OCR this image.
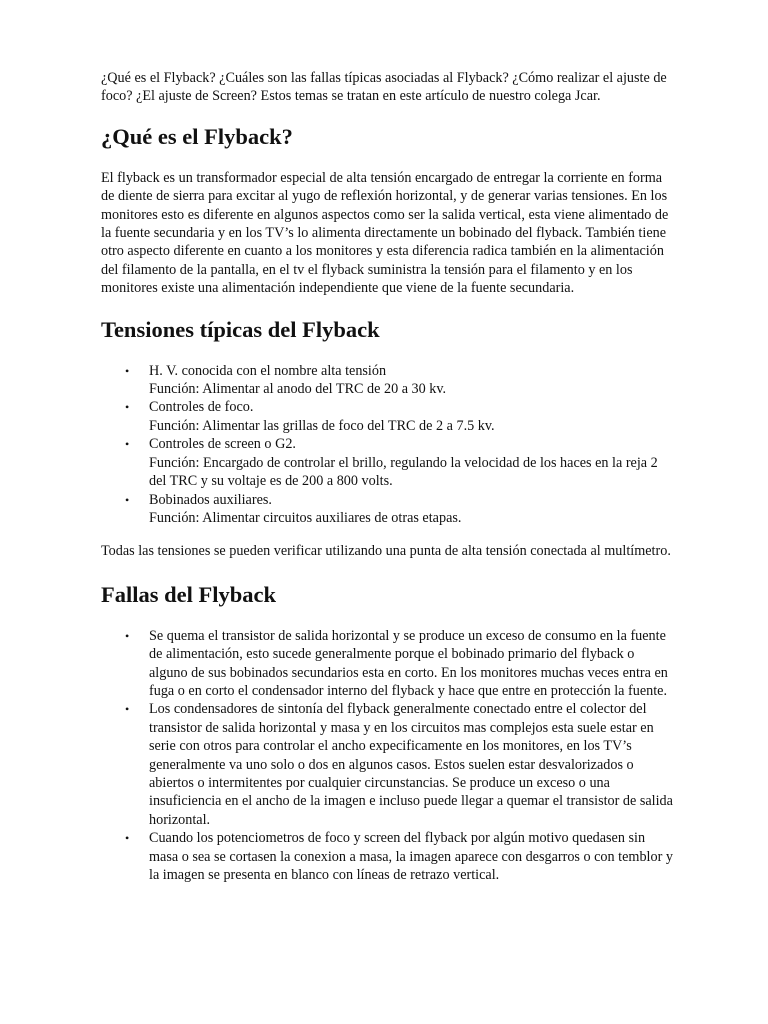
¿Qué es el Flyback? ¿Cuáles son las fallas típicas asociadas al Flyback? ¿Cómo realizar el ajuste de foco? ¿El ajuste de Screen? Estos temas se tratan en este artículo de nuestro colega Jcar.

¿Qué es el Flyback?

El flyback es un transformador especial de alta tensión encargado de entregar la corriente en forma de diente de sierra para excitar al yugo de reflexión horizontal, y de generar varias tensiones. En los monitores esto es diferente en algunos aspectos como ser la salida vertical, esta viene alimentado de la fuente secundaria y en los TV’s lo alimenta directamente un bobinado del flyback. También tiene otro aspecto diferente en cuanto a los monitores y esta diferencia radica también en la alimentación del filamento de la pantalla, en el tv el flyback suministra la tensión para el filamento y en los monitores existe una alimentación independiente que viene de la fuente secundaria.

Tensiones típicas del Flyback
• H. V. conocida con el nombre alta tensión
Función: Alimentar al anodo del TRC de 20 a 30 kv.
• Controles de foco.
Función: Alimentar las grillas de foco del TRC de 2 a 7.5 kv.
• Controles de screen o G2.
Función: Encargado de controlar el brillo, regulando la velocidad de los haces en la reja 2 del TRC y su voltaje es de 200 a 800 volts.
• Bobinados auxiliares.
Función: Alimentar circuitos auxiliares de otras etapas.

Todas las tensiones se pueden verificar utilizando una punta de alta tensión conectada al multímetro.

Fallas del Flyback
• Se quema el transistor de salida horizontal y se produce un exceso de consumo en la fuente de alimentación, esto sucede generalmente porque el bobinado primario del flyback o alguno de sus bobinados secundarios esta en corto. En los monitores muchas veces entra en fuga o en corto el condensador interno del flyback y hace que entre en protección la fuente.
• Los condensadores de sintonía del flyback generalmente conectado entre el colector del transistor de salida horizontal y masa y en los circuitos mas complejos esta suele estar en serie con otros para controlar el ancho expecificamente en los monitores, en los TV’s generalmente va uno solo o dos en algunos casos. Estos suelen estar desvalorizados o abiertos o intermitentes por cualquier circunstancias. Se produce un exceso o una insuficiencia en el ancho de la imagen e incluso puede llegar a quemar el transistor de salida horizontal.
• Cuando los potenciometros de foco y screen del flyback por algún motivo quedasen sin masa o sea se cortasen la conexion a masa, la imagen aparece con desgarros o con temblor y la imagen se presenta en blanco con líneas de retrazo vertical.
